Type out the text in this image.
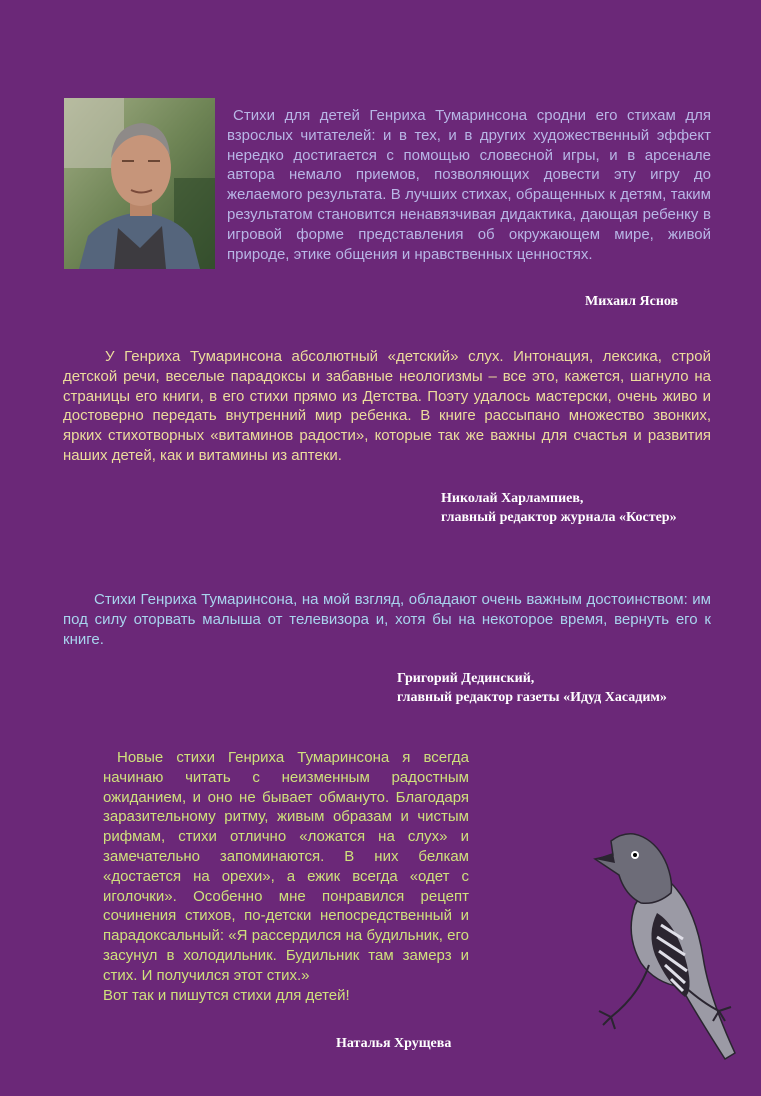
Стихи для детей Генриха Тумаринсона сродни его стихам для взрослых читателей: и в тех, и в других художественный эффект нередко достигается с помощью словесной игры, и в арсенале автора немало приемов, позволяющих довести эту игру до желаемого результата. В лучших стихах, обращенных к детям, таким результатом становится ненавязчивая дидактика, дающая ребенку в игровой форме представления об окружающем мире, живой природе, этике общения и нравственных ценностях.

Михаил Яснов

У Генриха Тумаринсона абсолютный «детский» слух. Интонация, лексика, строй детской речи, веселые парадоксы и забавные неологизмы – все это, кажется, шагнуло на страницы его книги, в его стихи прямо из Детства. Поэту удалось мастерски, очень живо и достоверно передать внутренний мир ребенка. В книге рассыпано множество звонких, ярких стихотворных «витаминов радости», которые так же важны для счастья и развития наших детей, как и витамины из аптеки.

Николай Харлампиев,
главный редактор журнала «Костер»

Стихи Генриха Тумаринсона, на мой взгляд, обладают очень важным достоинством: им под силу оторвать малыша от телевизора и, хотя бы на некоторое время, вернуть его к книге.

Григорий Дединский,
главный редактор газеты «Идуд Хасадим»
Новые стихи Генриха Тумаринсона я всегда начинаю читать с неизменным радостным ожиданием, и оно не бывает обмануто. Благодаря заразительному ритму, живым образам и чистым рифмам, стихи отлично «ложатся на слух» и замечательно запоминаются. В них белкам «достается на орехи», а ежик всегда «одет с иголочки». Особенно мне понравился рецепт сочинения стихов, по-детски непосредственный и парадоксальный: «Я рассердился на будильник, его засунул в холодильник. Будильник там замерз и стих. И получился этот стих.»
Вот так и пишутся стихи для детей!
Наталья Хрущева
